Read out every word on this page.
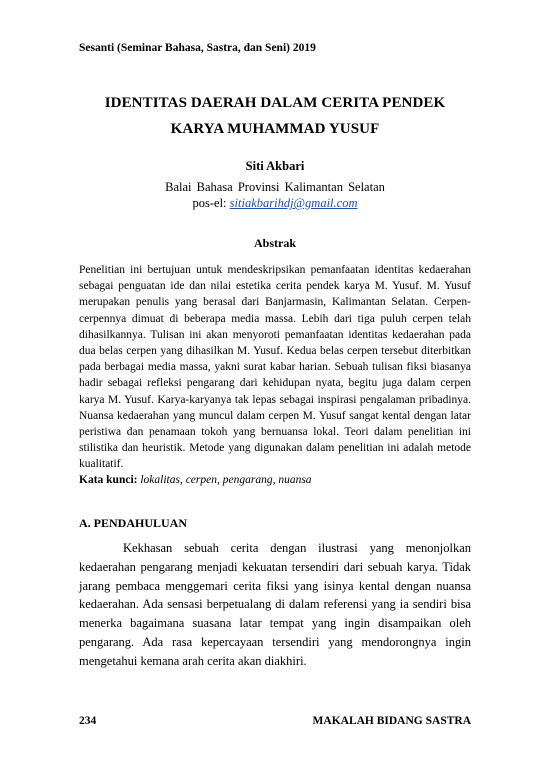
Sesanti (Seminar Bahasa, Sastra, dan Seni) 2019
IDENTITAS DAERAH DALAM CERITA PENDEK
KARYA MUHAMMAD YUSUF
Siti Akbari
Balai Bahasa Provinsi Kalimantan Selatan
pos-el: sitiakbarihdj@gmail.com
Abstrak
Penelitian ini bertujuan untuk mendeskripsikan pemanfaatan identitas kedaerahan sebagai penguatan ide dan nilai estetika cerita pendek karya M. Yusuf. M. Yusuf merupakan penulis yang berasal dari Banjarmasin, Kalimantan Selatan. Cerpen-cerpennya dimuat di beberapa media massa. Lebih dari tiga puluh cerpen telah dihasilkannya. Tulisan ini akan menyoroti pemanfaatan identitas kedaerahan pada dua belas cerpen yang dihasilkan M. Yusuf. Kedua belas cerpen tersebut diterbitkan pada berbagai media massa, yakni surat kabar harian. Sebuah tulisan fiksi biasanya hadir sebagai refleksi pengarang dari kehidupan nyata, begitu juga dalam cerpen karya M. Yusuf. Karya-karyanya tak lepas sebagai inspirasi pengalaman pribadinya. Nuansa kedaerahan yang muncul dalam cerpen M. Yusuf sangat kental dengan latar peristiwa dan penamaan tokoh yang bernuansa lokal. Teori dalam penelitian ini stilistika dan heuristik. Metode yang digunakan dalam penelitian ini adalah metode kualitatif.
Kata kunci: lokalitas, cerpen, pengarang, nuansa
A. PENDAHULUAN
Kekhasan sebuah cerita dengan ilustrasi yang menonjolkan kedaerahan pengarang menjadi kekuatan tersendiri dari sebuah karya. Tidak jarang pembaca menggemari cerita fiksi yang isinya kental dengan nuansa kedaerahan. Ada sensasi berpetualang di dalam referensi yang ia sendiri bisa menerka bagaimana suasana latar tempat yang ingin disampaikan oleh pengarang. Ada rasa kepercayaan tersendiri yang mendorongnya ingin mengetahui kemana arah cerita akan diakhiri.
234	MAKALAH BIDANG SASTRA
